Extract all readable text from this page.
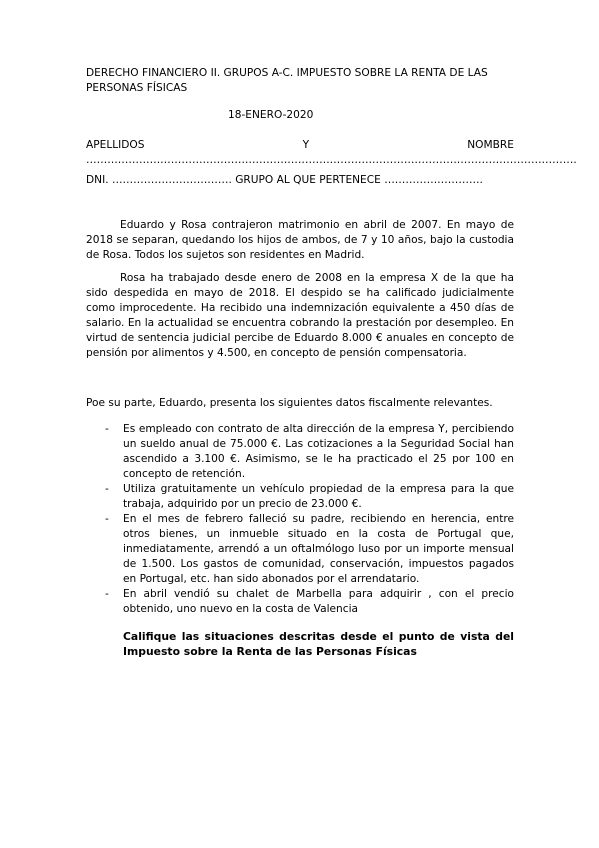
DERECHO FINANCIERO II. GRUPOS A-C. IMPUESTO SOBRE LA RENTA DE LAS PERSONAS FÍSICAS

18-ENERO-2020
APELLIDOS	Y	NOMBRE
………………………………………………………………………………………………………………………….
DNI. ……………………………. GRUPO AL QUE PERTENECE ……………………….

Eduardo y Rosa contrajeron matrimonio en abril de 2007. En mayo de 2018 se separan, quedando los hijos de ambos, de 7 y 10 años, bajo la custodia de Rosa. Todos los sujetos son residentes en Madrid.

Rosa ha trabajado desde enero de 2008 en la empresa X de la que ha sido despedida en mayo de 2018. El despido se ha calificado judicialmente como improcedente. Ha recibido una indemnización equivalente a 450 días de salario. En la actualidad se encuentra cobrando la prestación por desempleo. En virtud de sentencia judicial percibe de Eduardo 8.000 € anuales en concepto de pensión por alimentos y 4.500, en concepto de pensión compensatoria.

Poe su parte, Eduardo, presenta los siguientes datos fiscalmente relevantes.

- Es empleado con contrato de alta dirección de la empresa Y, percibiendo un sueldo anual de 75.000 €. Las cotizaciones a la Seguridad Social han ascendido a 3.100 €. Asimismo, se le ha practicado el 25 por 100 en concepto de retención.
- Utiliza gratuitamente un vehículo propiedad de la empresa para la que trabaja, adquirido por un precio de 23.000 €.
- En el mes de febrero falleció su padre, recibiendo en herencia, entre otros bienes, un inmueble situado en la costa de Portugal que, inmediatamente, arrendó a un oftalmólogo luso por un importe mensual de 1.500. Los gastos de comunidad, conservación, impuestos pagados en Portugal, etc. han sido abonados por el arrendatario.
- En abril vendió su chalet de Marbella para adquirir , con el precio obtenido, uno nuevo en la costa de Valencia

Califique las situaciones descritas desde el punto de vista del Impuesto sobre la Renta de las Personas Físicas
